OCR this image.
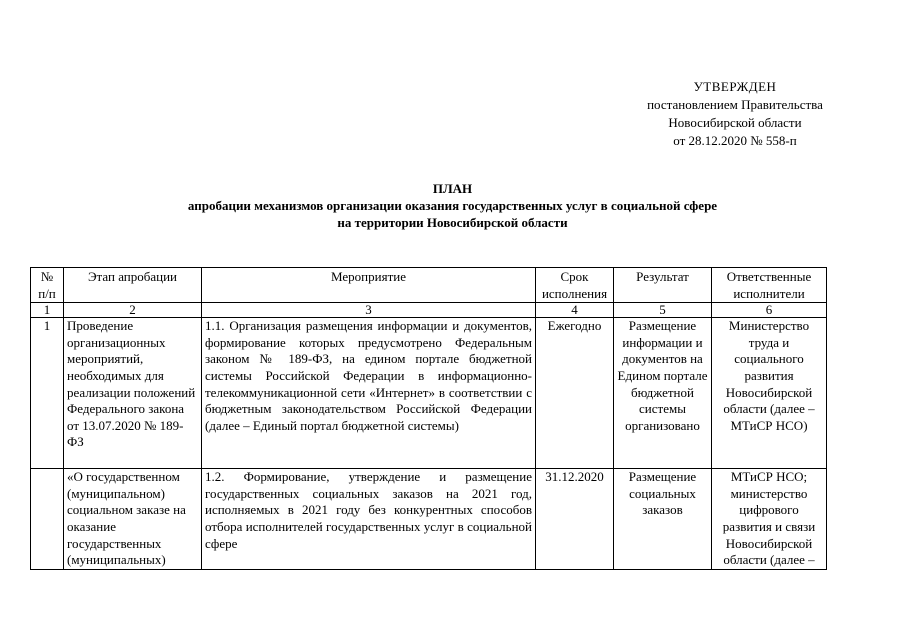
УТВЕРЖДЕН
постановлением Правительства
Новосибирской области
от 28.12.2020 № 558-п
ПЛАН
апробации механизмов организации оказания государственных услуг в социальной сфере
на территории Новосибирской области
№ п/п	Этап апробации	Мероприятие	Срок исполнения	Результат	Ответственные исполнители
1	2	3	4	5	6
1	Проведение организационных мероприятий, необходимых для реализации положений Федерального закона от 13.07.2020 № 189-ФЗ	1.1. Организация размещения информации и документов, формирование которых предусмотрено Федеральным законом № 189-ФЗ, на едином портале бюджетной системы Российской Федерации в информационно-телекоммуникационной сети «Интернет» в соответствии с бюджетным законодательством Российской Федерации (далее – Единый портал бюджетной системы)	Ежегодно	Размещение информации и документов на Едином портале бюджетной системы организовано	Министерство труда и социального развития Новосибирской области (далее – МТиСР НСО)
	«О государственном (муниципальном) социальном заказе на оказание государственных (муниципальных)	1.2. Формирование, утверждение и размещение государственных социальных заказов на 2021 год, исполняемых в 2021 году без конкурентных способов отбора исполнителей государственных услуг в социальной сфере	31.12.2020	Размещение социальных заказов	МТиСР НСО; министерство цифрового развития и связи Новосибирской области (далее –
